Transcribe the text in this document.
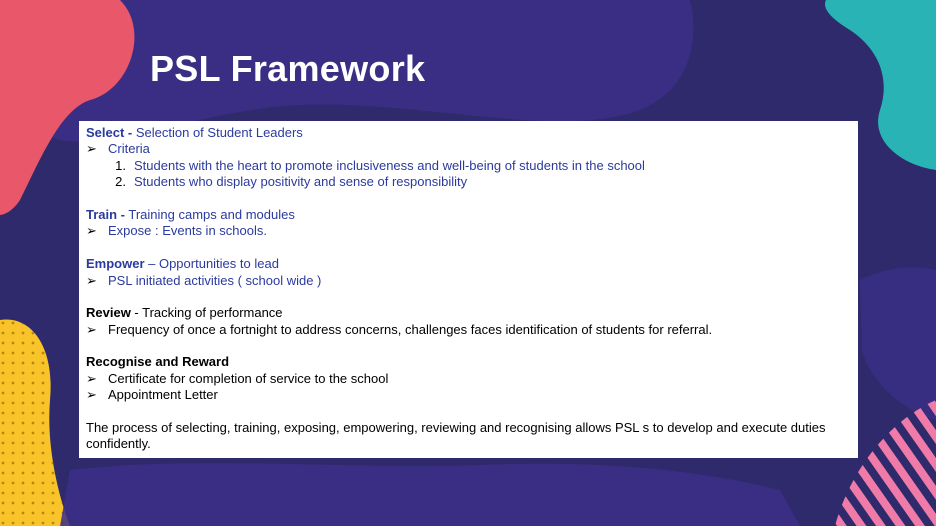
PSL Framework
Select - Selection of Student Leaders
➢ Criteria
1. Students with the heart to promote inclusiveness and well-being of students in the school
2. Students who display positivity and sense of responsibility
Train - Training camps and modules
➢ Expose : Events in schools.
Empower – Opportunities to lead
➢ PSL initiated activities ( school wide )
Review - Tracking of performance
➢ Frequency of once a fortnight to address concerns, challenges faces identification of students for referral.
Recognise and Reward
➢ Certificate for completion of service to the school
➢ Appointment Letter
The process of selecting, training, exposing, empowering, reviewing and recognising allows PSL s to develop and execute duties confidently.
